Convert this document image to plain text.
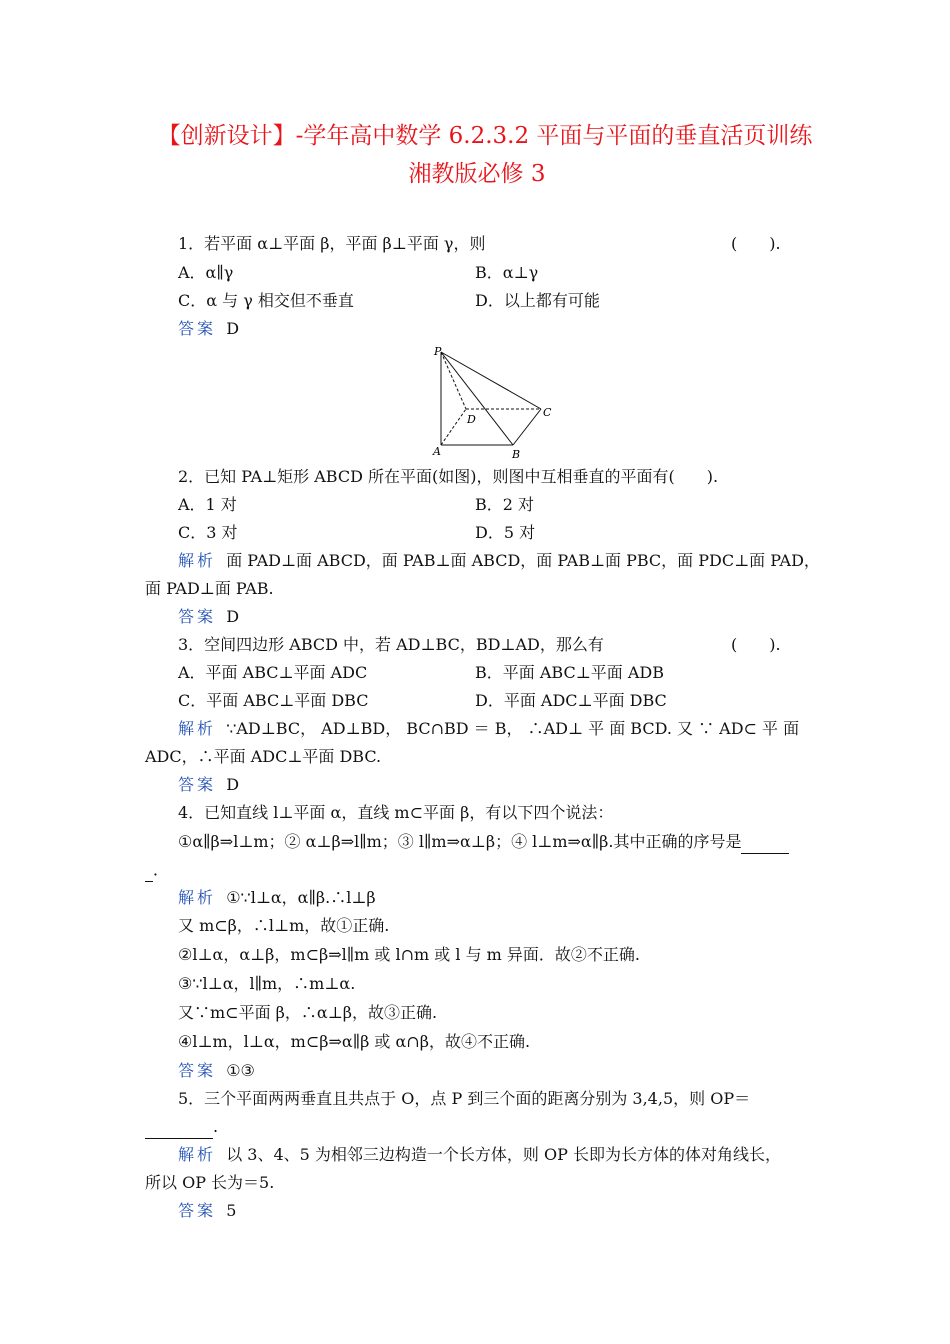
【创新设计】-学年高中数学 6.2.3.2 平面与平面的垂直活页训练
湘教版必修 3
1．若平面 α⊥平面 β，平面 β⊥平面 γ，则	(　　).
A．α∥γ	B．α⊥γ
C．α 与 γ 相交但不垂直	D．以上都有可能
答案 D
P
D
C
A	B
2．已知 PA⊥矩形 ABCD 所在平面(如图)，则图中互相垂直的平面有(　　).
A．1 对	B．2 对
C．3 对	D．5 对
解析 面 PAD⊥面 ABCD，面 PAB⊥面 ABCD，面 PAB⊥面 PBC，面 PDC⊥面 PAD，
面 PAD⊥面 PAB.
答案 D
3．空间四边形 ABCD 中，若 AD⊥BC，BD⊥AD，那么有	(　　).
A．平面 ABC⊥平面 ADC	B．平面 ABC⊥平面 ADB
C．平面 ABC⊥平面 DBC	D．平面 ADC⊥平面 DBC
解析 ∵AD⊥BC， AD⊥BD， BC∩BD ＝ B， ∴AD⊥ 平 面 BCD. 又 ∵ AD⊂ 平 面
ADC，∴平面 ADC⊥平面 DBC.
答案 D
4．已知直线 l⊥平面 α，直线 m⊂平面 β，有以下四个说法：
①α∥β⇒l⊥m；② α⊥β⇒l∥m；③ l∥m⇒α⊥β；④ l⊥m⇒α∥β.其中正确的序号是
．
解析 ①∵l⊥α，α∥β.∴l⊥β
又 m⊂β，∴l⊥m，故①正确.
②l⊥α，α⊥β，m⊂β⇒l∥m 或 l∩m 或 l 与 m 异面．故②不正确.
③∵l⊥α，l∥m，∴m⊥α.
又∵m⊂平面 β，∴α⊥β，故③正确.
④l⊥m，l⊥α，m⊂β⇒α∥β 或 α∩β，故④不正确.
答案 ①③
5．三个平面两两垂直且共点于 O，点 P 到三个面的距离分别为 3,4,5，则 OP＝
.
解析 以 3、4、5 为相邻三边构造一个长方体，则 OP 长即为长方体的体对角线长，
所以 OP 长为＝5.
答案 5
